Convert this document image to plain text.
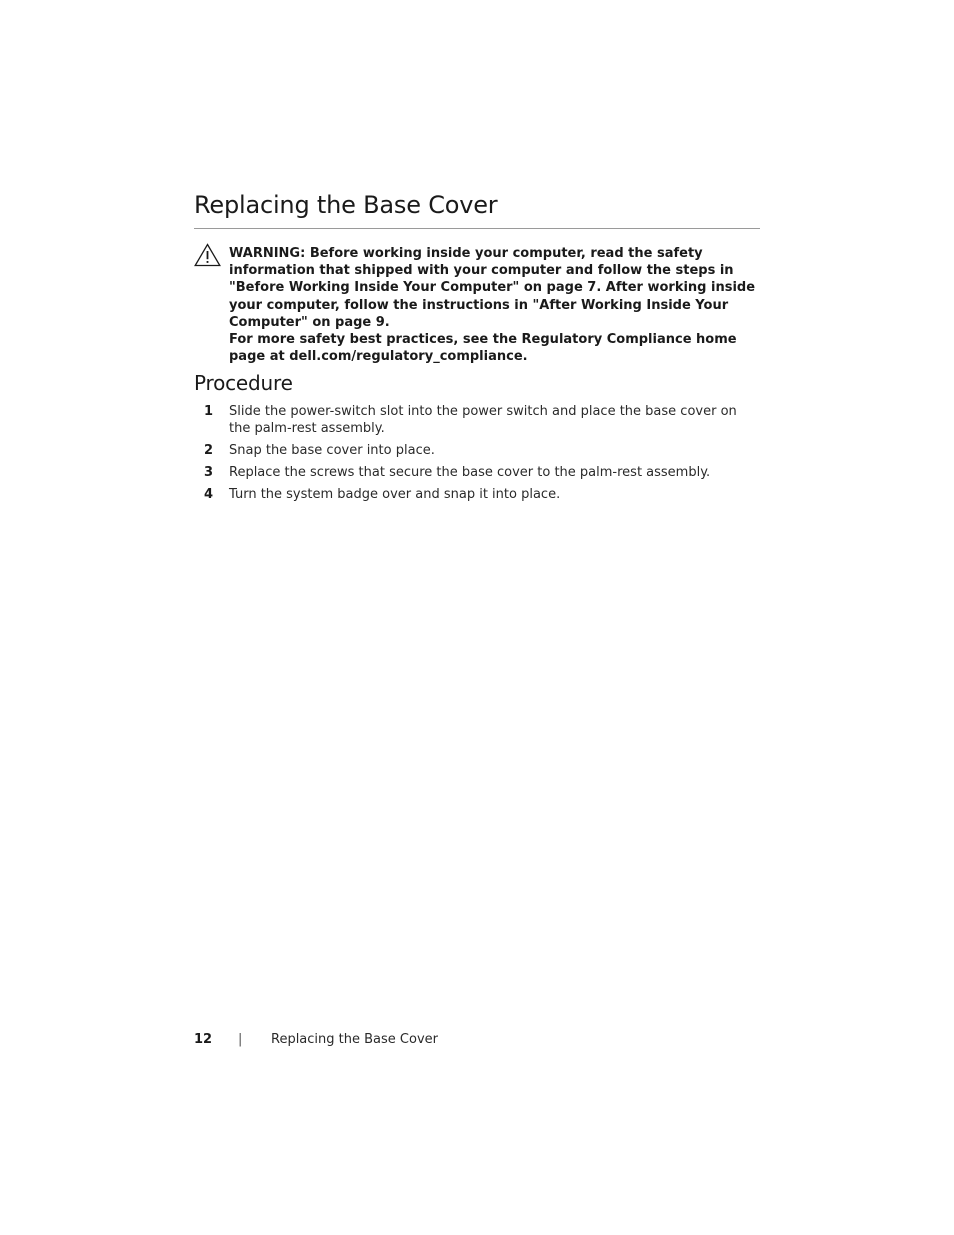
Replacing the Base Cover

WARNING: Before working inside your computer, read the safety information that shipped with your computer and follow the steps in "Before Working Inside Your Computer" on page 7. After working inside your computer, follow the instructions in "After Working Inside Your Computer" on page 9.

For more safety best practices, see the Regulatory Compliance home page at dell.com/regulatory_compliance.

Procedure
1 Slide the power-switch slot into the power switch and place the base cover on the palm-rest assembly.
2 Snap the base cover into place.
3 Replace the screws that secure the base cover to the palm-rest assembly.
4 Turn the system badge over and snap it into place.
12 | Replacing the Base Cover
